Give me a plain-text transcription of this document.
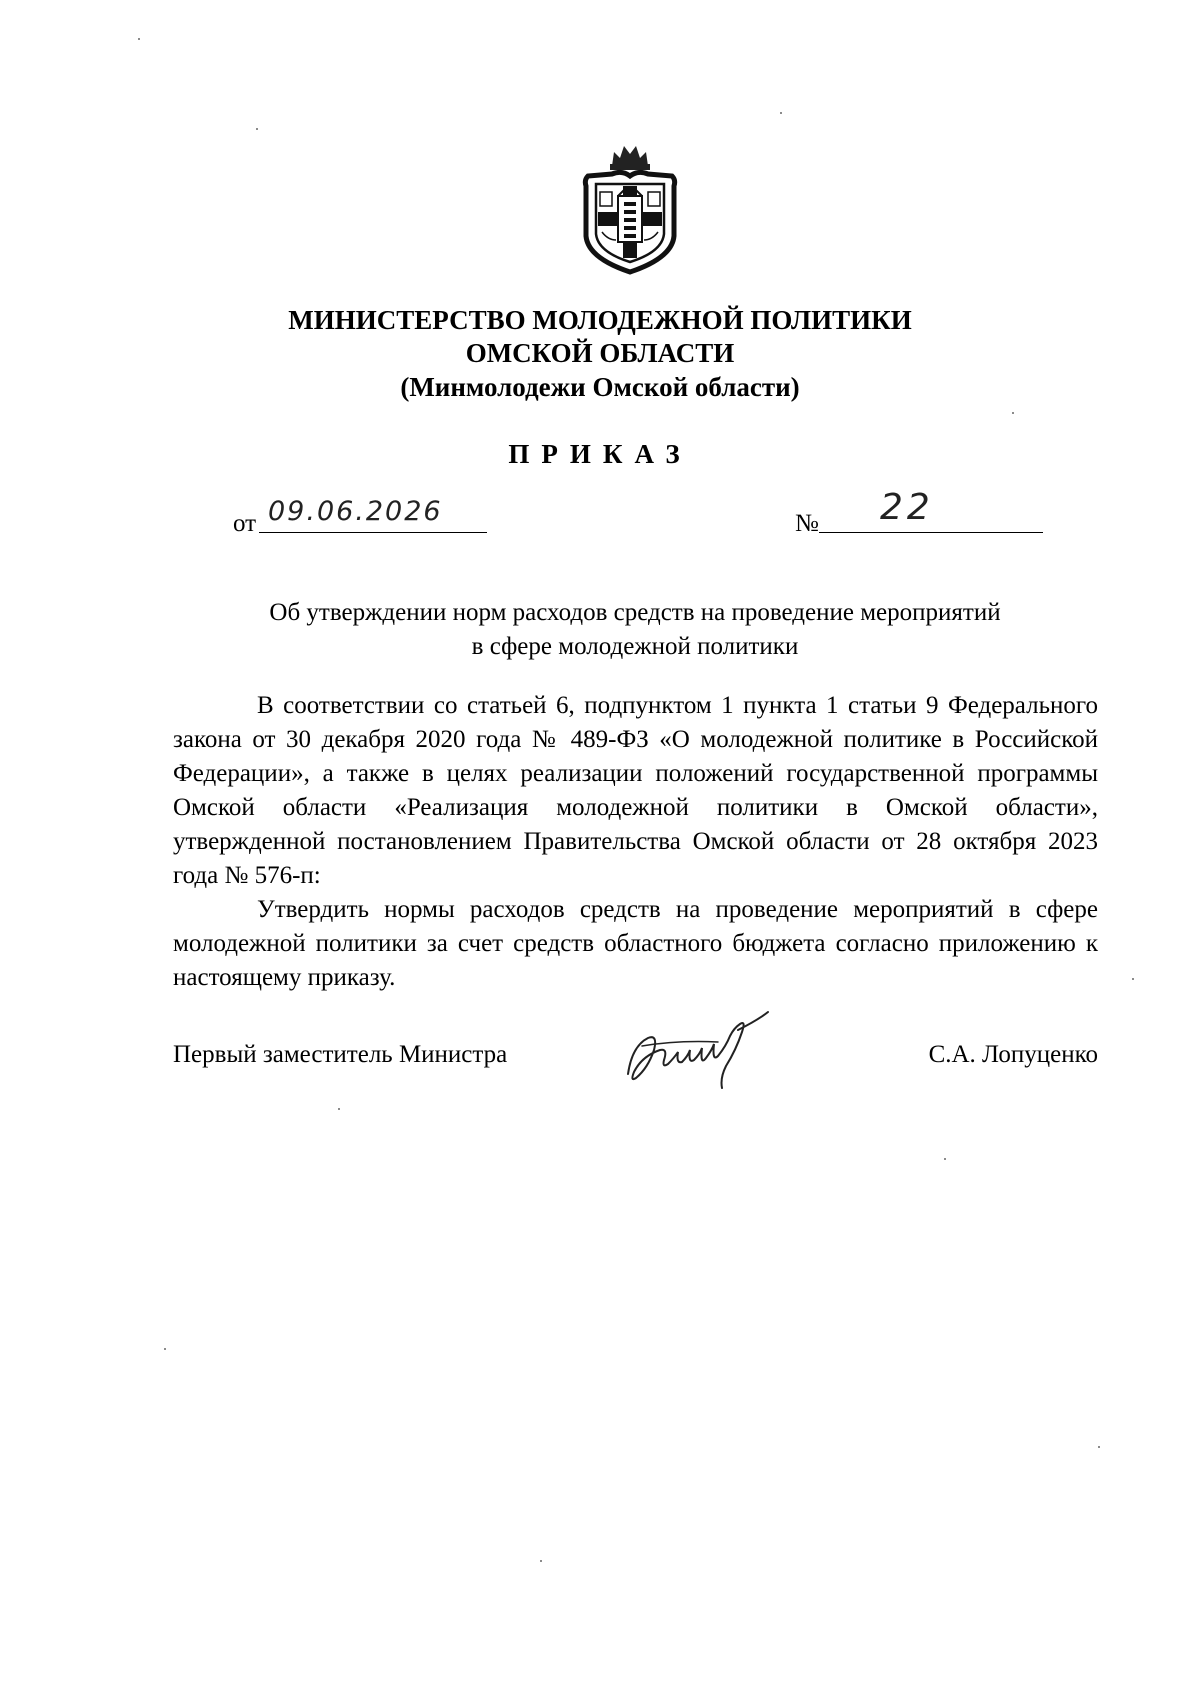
МИНИСТЕРСТВО МОЛОДЕЖНОЙ ПОЛИТИКИ
ОМСКОЙ ОБЛАСТИ
(Минмолодежи Омской области)
ПРИКАЗ
от 09.06.2026	№ 22
Об утверждении норм расходов средств на проведение мероприятий
в сфере молодежной политики

В соответствии со статьей 6, подпунктом 1 пункта 1 статьи 9 Федерального закона от 30 декабря 2020 года № 489-ФЗ «О молодежной политике в Российской Федерации», а также в целях реализации положений государственной программы Омской области «Реализация молодежной политики в Омской области», утвержденной постановлением Правительства Омской области от 28 октября 2023 года № 576-п:

Утвердить нормы расходов средств на проведение мероприятий в сфере молодежной политики за счет средств областного бюджета согласно приложению к настоящему приказу.

Первый заместитель Министра	С.А. Лопуценко
